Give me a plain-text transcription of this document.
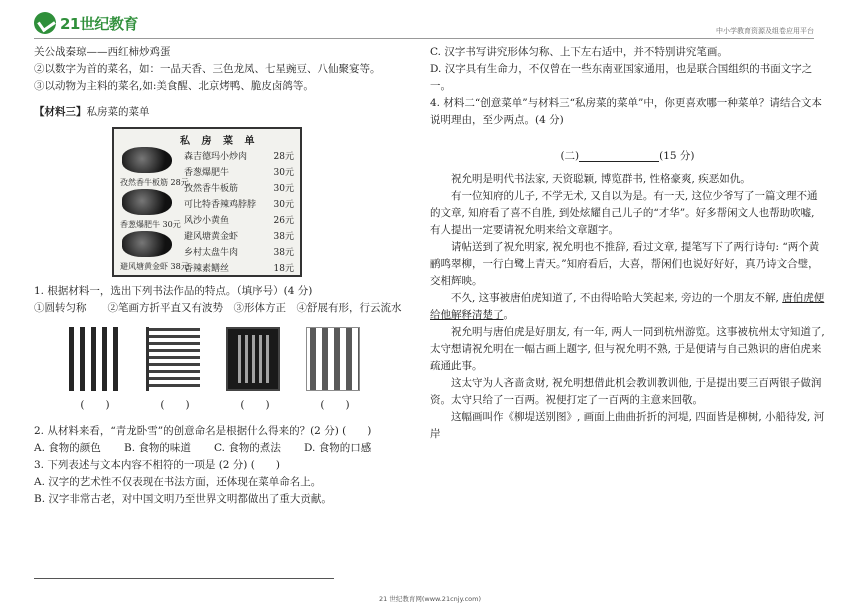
21世纪教育	中小学教育资源及组卷应用平台
关公战秦琼——西红柿炒鸡蛋
②以数字为首的菜名，如：一品天香、三色龙凤、七星豌豆、八仙聚宴等。
③以动物为主料的菜名,如:美食醒、北京烤鸭、脆皮卤鸽等。
【材料三】私房菜的菜单
私 房 菜 单
森吉德玛小炒肉	28元
香葱爆肥牛	30元
孜然香牛板筋	30元
可比特香辣鸡脖脖 30元
风沙小黄鱼	26元
避风塘黄金虾	38元
乡村太盘牛肉	38元
香辣素鳝丝	18元
孜然香牛板筋 28元
香葱爆肥牛 30元
避风塘黄金虾 38元
1. 根据材料一，选出下列书法作品的特点。（填序号）(4 分)
①圆转匀称　　②笔画方折平直又有波势　③形体方正　④舒展有形，行云流水
(　　)	(　　)	(　　)	(　　)
2. 从材料来看，“青龙卧雪”的创意命名是根据什么得来的？(2 分) (　　)
A. 食物的颜色	B. 食物的味道	C. 食物的煮法	D. 食物的口感
3. 下列表述与文本内容不相符的一项是 (2 分) (　　)
A. 汉字的艺术性不仅表现在书法方面，还体现在菜单命名上。
B. 汉字非常古老，对中国文明乃至世界文明都做出了重大贡献。
C. 汉字书写讲究形体匀称、上下左右适中，并不特别讲究笔画。
D. 汉字具有生命力，不仅曾在一些东南亚国家通用，也是联合国组织的书面文字之一。
4. 材料二“创意菜单”与材料三“私房菜的菜单”中，你更喜欢哪一种菜单？请结合文本说明理由，至少两点。(4 分)
(二)	(15 分)
祝允明是明代书法家, 天资聪颖, 博览群书, 性格豪爽, 疾恶如仇。
有一位知府的儿子, 不学无术, 又自以为是。有一天, 这位少爷写了一篇文理不通的文章, 知府看了喜不自胜, 到处炫耀自己儿子的“才华”。好多帮闲文人也帮助吹嘘, 有人提出一定要请祝允明来给文章题字。
请帖送到了祝允明家, 祝允明也不推辞, 看过文章, 提笔写下了两行诗句: “两个黄鹂鸣翠柳，一行白鹭上青天。”知府看后，大喜，帮闲们也说好好好，真乃诗文合璧，交相辉映。
不久, 这事被唐伯虎知道了, 不由得哈哈大笑起来, 旁边的一个朋友不解, 唐伯虎便给他解释清楚了。
祝允明与唐伯虎是好朋友, 有一年, 两人一同到杭州游览。这事被杭州太守知道了, 太守想请祝允明在一幅古画上题字, 但与祝允明不熟, 于是便请与自己熟识的唐伯虎来疏通此事。
这太守为人吝啬贪财, 祝允明想借此机会教训教训他, 于是提出要三百两银子做润资。太守只给了一百两。祝便打定了一百两的主意来回敬。
这幅画叫作《柳堤送别图》, 画面上曲曲折折的河堤, 四面皆是柳树, 小船待发, 河岸
21 世纪教育网(www.21cnjy.com)
